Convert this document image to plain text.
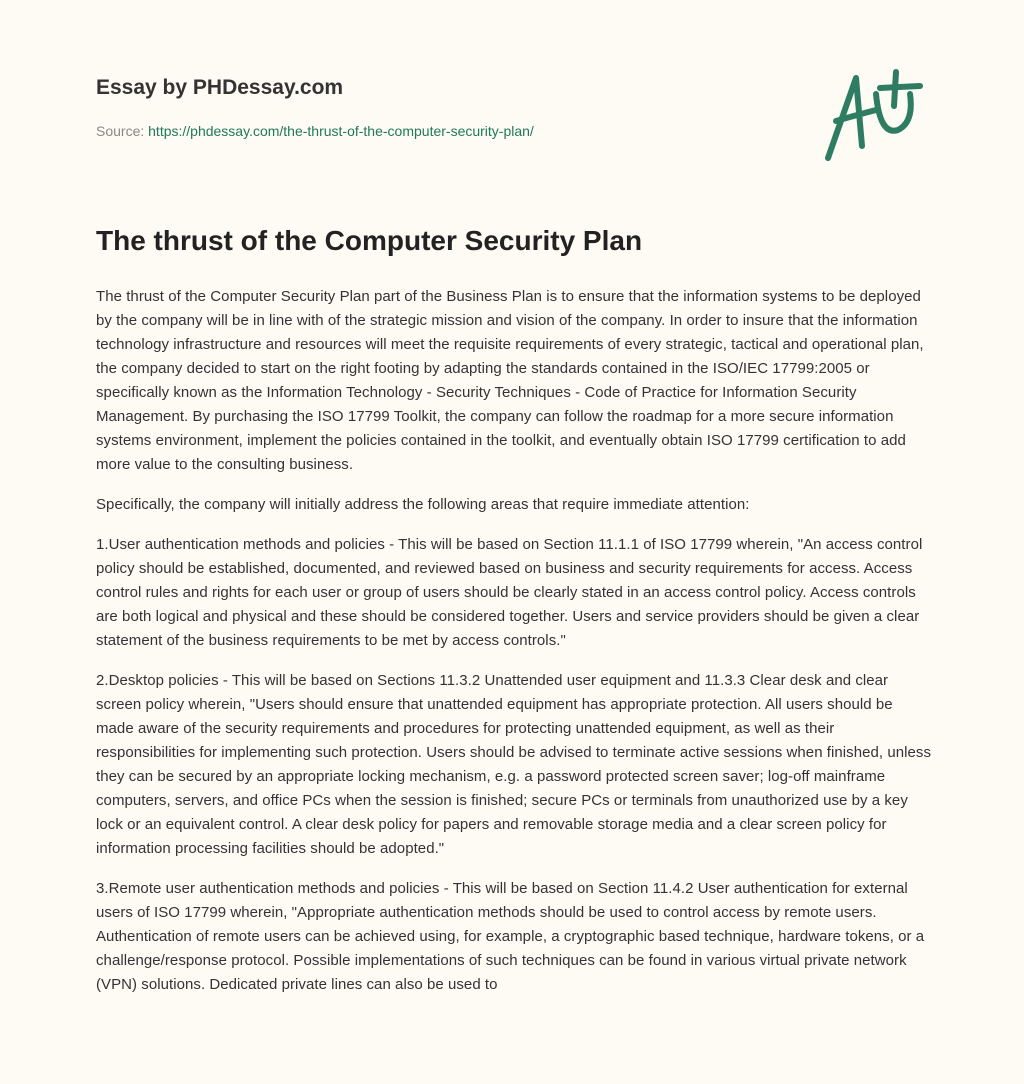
Essay by PHDessay.com
Source: https://phdessay.com/the-thrust-of-the-computer-security-plan/
The thrust of the Computer Security Plan

The thrust of the Computer Security Plan part of the Business Plan is to ensure that the information systems to be deployed by the company will be in line with of the strategic mission and vision of the company. In order to insure that the information technology infrastructure and resources will meet the requisite requirements of every strategic, tactical and operational plan, the company decided to start on the right footing by adapting the standards contained in the ISO/IEC 17799:2005 or specifically known as the Information Technology - Security Techniques - Code of Practice for Information Security Management. By purchasing the ISO 17799 Toolkit, the company can follow the roadmap for a more secure information systems environment, implement the policies contained in the toolkit, and eventually obtain ISO 17799 certification to add more value to the consulting business.

Specifically, the company will initially address the following areas that require immediate attention:

1.User authentication methods and policies - This will be based on Section 11.1.1 of ISO 17799 wherein, "An access control policy should be established, documented, and reviewed based on business and security requirements for access. Access control rules and rights for each user or group of users should be clearly stated in an access control policy. Access controls are both logical and physical and these should be considered together. Users and service providers should be given a clear statement of the business requirements to be met by access controls."

2.Desktop policies - This will be based on Sections 11.3.2 Unattended user equipment and 11.3.3 Clear desk and clear screen policy wherein, "Users should ensure that unattended equipment has appropriate protection. All users should be made aware of the security requirements and procedures for protecting unattended equipment, as well as their responsibilities for implementing such protection. Users should be advised to terminate active sessions when finished, unless they can be secured by an appropriate locking mechanism, e.g. a password protected screen saver; log-off mainframe computers, servers, and office PCs when the session is finished; secure PCs or terminals from unauthorized use by a key lock or an equivalent control. A clear desk policy for papers and removable storage media and a clear screen policy for information processing facilities should be adopted."

3.Remote user authentication methods and policies - This will be based on Section 11.4.2 User authentication for external users of ISO 17799 wherein, "Appropriate authentication methods should be used to control access by remote users. Authentication of remote users can be achieved using, for example, a cryptographic based technique, hardware tokens, or a challenge/response protocol. Possible implementations of such techniques can be found in various virtual private network (VPN) solutions. Dedicated private lines can also be used to
